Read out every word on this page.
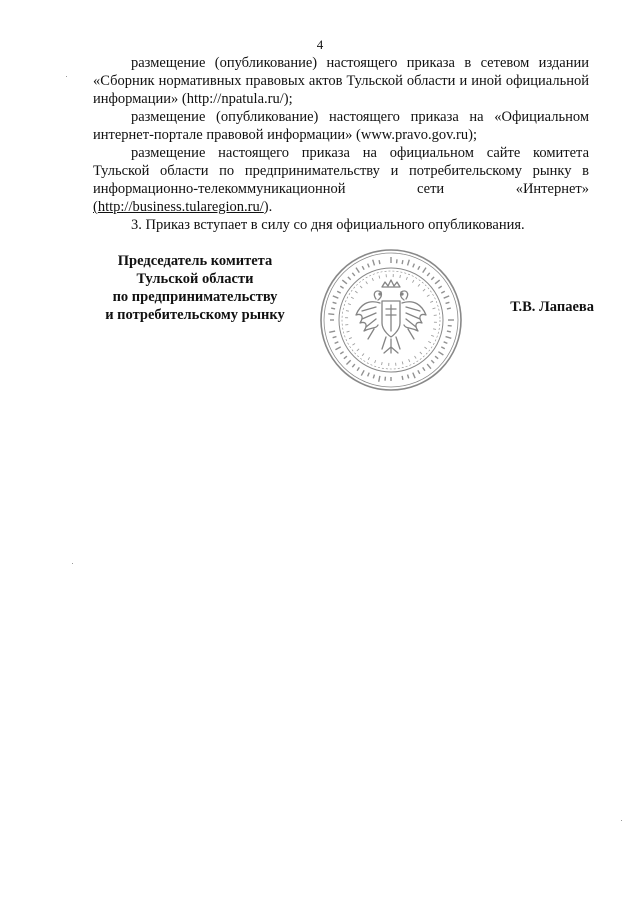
4

размещение (опубликование) настоящего приказа в сетевом издании «Сборник нормативных правовых актов Тульской области и иной официальной информации» (http://npatula.ru/);

размещение (опубликование) настоящего приказа на «Официальном интернет-портале правовой информации» (www.pravo.gov.ru);

размещение настоящего приказа на официальном сайте комитета Тульской области по предпринимательству и потребительскому рынку в информационно-телекоммуникационной сети «Интернет» (http://business.tularegion.ru/).

3. Приказ вступает в силу со дня официального опубликования.

Председатель комитета
Тульской области
по предпринимательству
и потребительскому рынку	Т.В. Лапаева
